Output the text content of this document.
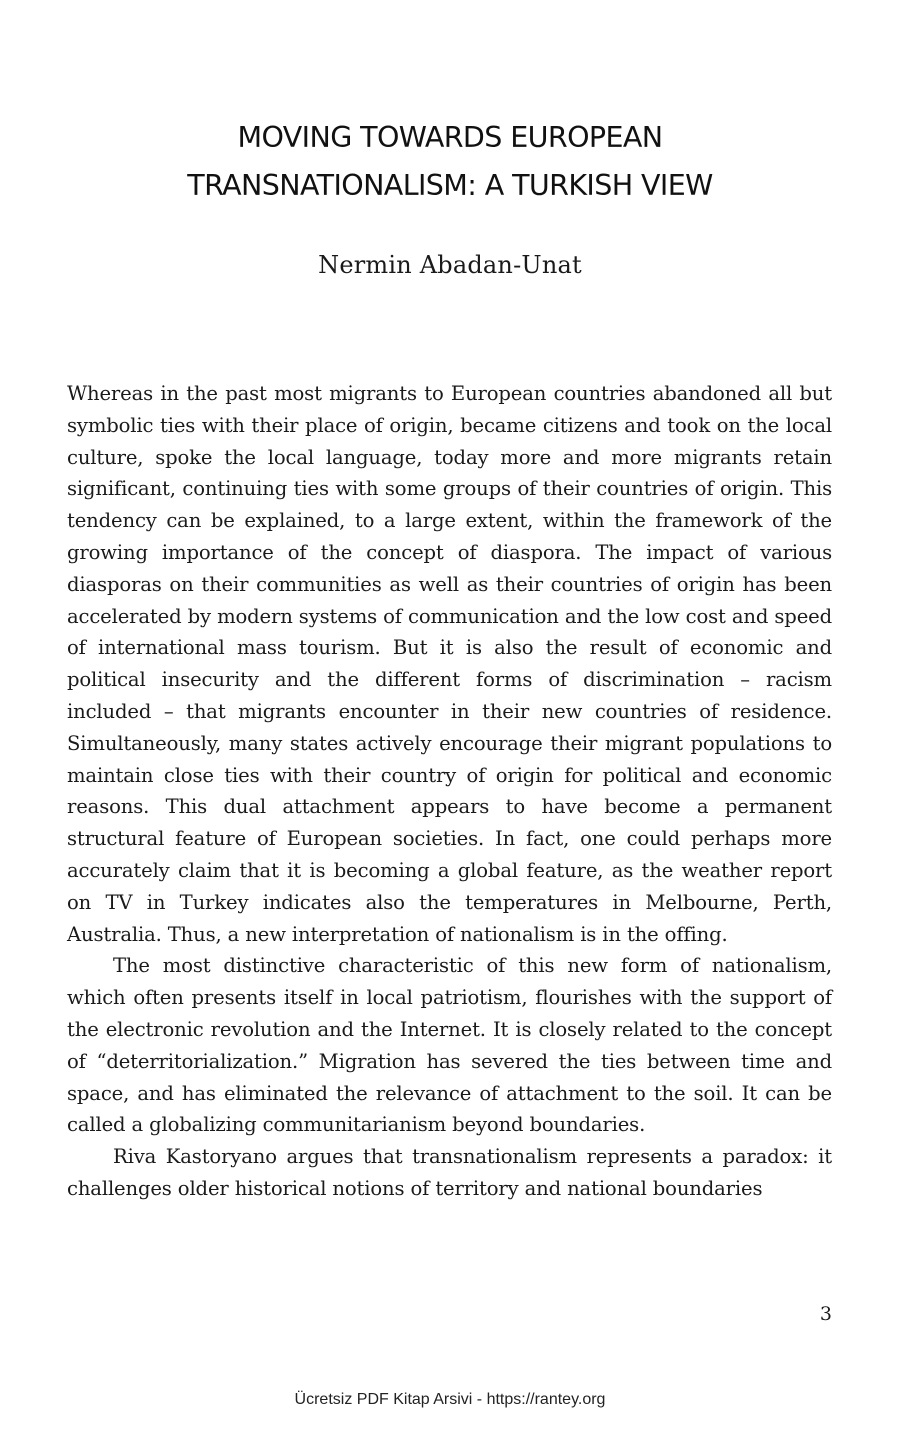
MOVING TOWARDS EUROPEAN
TRANSNATIONALISM: A TURKISH VIEW
Nermin Abadan-Unat

Whereas in the past most migrants to European countries abandoned all but symbolic ties with their place of origin, became citizens and took on the local culture, spoke the local language, today more and more migrants retain significant, continuing ties with some groups of their countries of origin. This tendency can be explained, to a large extent, within the framework of the growing importance of the concept of diaspora. The impact of various diasporas on their communities as well as their countries of origin has been accelerated by modern systems of communication and the low cost and speed of international mass tourism. But it is also the result of economic and political insecurity and the different forms of discrimination – racism included – that migrants encounter in their new countries of residence. Simultaneously, many states actively encourage their migrant populations to maintain close ties with their country of origin for political and economic reasons. This dual attachment appears to have become a permanent structural feature of European societies. In fact, one could perhaps more accurately claim that it is becoming a global feature, as the weather report on TV in Turkey indicates also the temperatures in Melbourne, Perth, Australia. Thus, a new interpretation of nationalism is in the offing.

The most distinctive characteristic of this new form of nationalism, which often presents itself in local patriotism, flourishes with the support of the electronic revolution and the Internet. It is closely related to the concept of “deterritorialization.” Migration has severed the ties between time and space, and has eliminated the relevance of attachment to the soil. It can be called a globalizing communitarianism beyond boundaries.

Riva Kastoryano argues that transnationalism represents a paradox: it challenges older historical notions of territory and national boundaries

3
Ücretsiz PDF Kitap Arsivi - https://rantey.org
